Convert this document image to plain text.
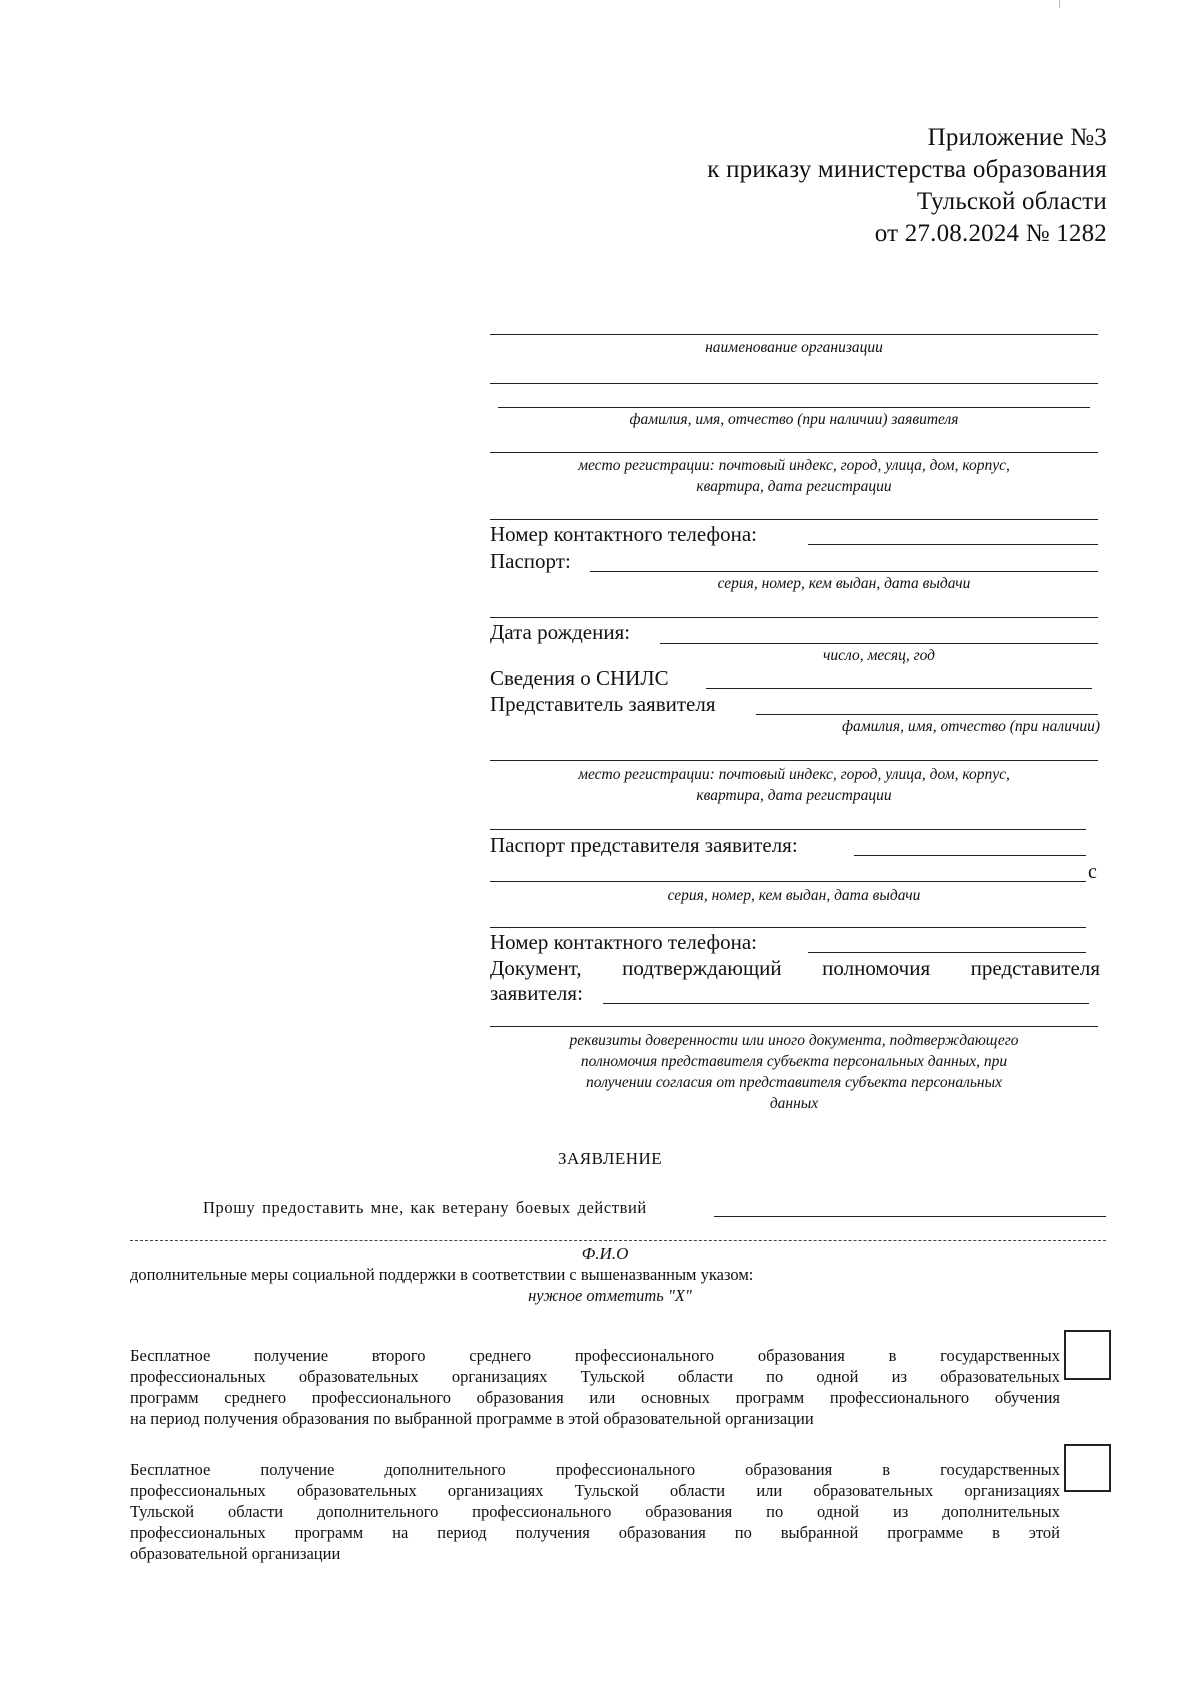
Приложение №3
к приказу министерства образования
Тульской области
от 27.08.2024 № 1282
наименование организации
фамилия, имя, отчество (при наличии) заявителя
место регистрации: почтовый индекс, город, улица, дом, корпус,
квартира, дата регистрации
Номер контактного телефона:
Паспорт:
серия, номер, кем выдан, дата выдачи
Дата рождения:
число, месяц, год
Сведения о СНИЛС
Представитель заявителя
фамилия, имя, отчество (при наличии)
место регистрации: почтовый индекс, город, улица, дом, корпус,
квартира, дата регистрации
Паспорт представителя заявителя:
с
серия, номер, кем выдан, дата выдачи
Номер контактного телефона:
Документ, подтверждающий полномочия представителя
заявителя:
реквизиты доверенности или иного документа, подтверждающего
полномочия представителя субъекта персональных данных, при
получении согласия от представителя субъекта персональных
данных
ЗАЯВЛЕНИЕ
Прошу предоставить мне, как ветерану боевых действий
Ф.И.О
дополнительные меры социальной поддержки в соответствии с вышеназванным указом:
нужное отметить "X"
Бесплатное получение второго среднего профессионального образования в государственных
профессиональных образовательных организациях Тульской области по одной из образовательных
программ среднего профессионального образования или основных программ профессионального обучения
на период получения образования по выбранной программе в этой образовательной организации
Бесплатное получение дополнительного профессионального образования в государственных
профессиональных образовательных организациях Тульской области или образовательных организациях
Тульской области дополнительного профессионального образования по одной из дополнительных
профессиональных программ на период получения образования по выбранной программе в этой
образовательной организации
